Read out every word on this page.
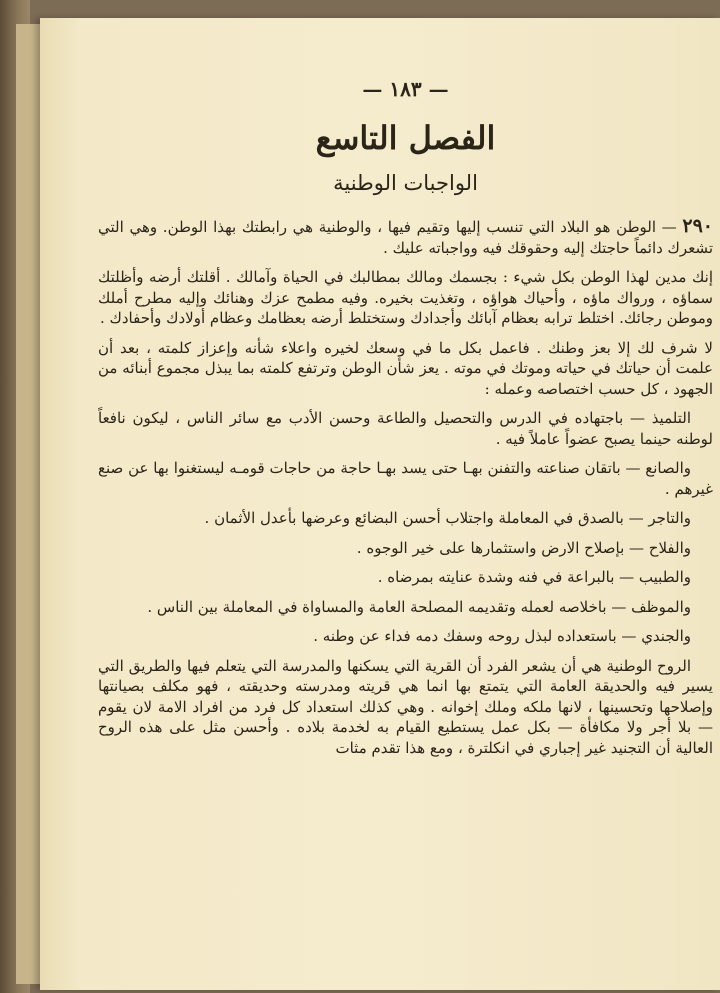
— ١٨٣ —
الفصل التاسع
الواجبات الوطنية

٢٩٠ — الوطن هو البلاد التي تنسب إليها وتقيم فيها ، والوطنية هي رابطتك بهذا الوطن. وهي التي تشعرك دائماً حاجتك إليه وحقوقك فيه وواجباته عليك .

إنك مدين لهذا الوطن بكل شيء : بجسمك ومالك بمطالبك في الحياة وآمالك . أقلتك أرضه وأظلتك سماؤه ، ورواك ماؤه ، وأحياك هواؤه ، وتغذيت بخيره. وفيه مطمح عزك وهنائك وإليه مطرح أملك وموطن رجائك. اختلط ترابه بعظام آبائك وأجدادك وستختلط أرضه بعظامك وعظام أولادك وأحفادك .

لا شرف لك إلا بعز وطنك . فاعمل بكل ما في وسعك لخيره واعلاء شأنه وإعزاز كلمته ، بعد أن علمت أن حياتك في حياته وموتك في موته . يعز شأن الوطن وترتفع كلمته بما يبذل مجموع أبنائه من الجهود ، كل حسب اختصاصه وعمله :

التلميذ — باجتهاده في الدرس والتحصيل والطاعة وحسن الأدب مع سائر الناس ، ليكون نافعاً لوطنه حينما يصبح عضواً عاملاً فيه .

والصانع — باتقان صناعته والتفنن بهـا حتى يسد بهـا حاجة من حاجات قومـه ليستغنوا بها عن صنع غيرهم .

والتاجر — بالصدق في المعاملة واجتلاب أحسن البضائع وعرضها بأعدل الأثمان .

والفلاح — بإصلاح الارض واستثمارها على خير الوجوه .

والطبيب — بالبراعة في فنه وشدة عنايته بمرضاه .

والموظف — باخلاصه لعمله وتقديمه المصلحة العامة والمساواة في المعاملة بين الناس .

والجندي — باستعداده لبذل روحه وسفك دمه فداء عن وطنه .

الروح الوطنية هي أن يشعر الفرد أن القرية التي يسكنها والمدرسة التي يتعلم فيها والطريق التي يسير فيه والحديقة العامة التي يتمتع بها انما هي قريته ومدرسته وحديقته ، فهو مكلف بصيانتها وإصلاحها وتحسينها ، لانها ملكه وملك إخوانه . وهي كذلك استعداد كل فرد من افراد الامة لان يقوم — بلا أجر ولا مكافأة — بكل عمل يستطيع القيام به لخدمة بلاده . وأحسن مثل على هذه الروح العالية أن التجنيد غير إجباري في انكلترة ، ومع هذا تقدم مثات
